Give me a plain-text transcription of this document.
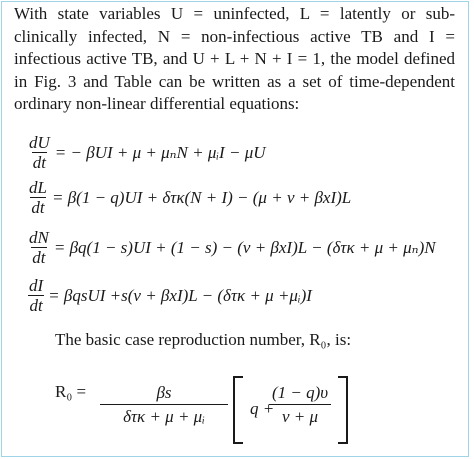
With state variables U = uninfected, L = latently or sub-clinically infected, N = non-infectious active TB and I = infectious active TB, and U + L + N + I = 1, the model defined in Fig. 3 and Table can be written as a set of time-dependent ordinary non-linear differential equations:
$\frac{dU}{dt}$ = − βUI + μ + μₙN + μᵢI − μU
$\frac{dL}{dt} = \beta(1 - q)UI + \delta\tau\kappa(N + I) - (\mu + v + \beta xI)L$
$\frac{dN}{dt} = \beta q(1 - s)UI + (1 - s) - (v + \beta xI)L - (\delta\tau\kappa + \mu + \mu_n)N$
$\frac{dI}{dt}$ = βqsUI +s(v + βxI)L − (δτκ + μ +μᵢ)I
The basic case reproduction number, R₀, is:
R₀ =	βs
δτκ + μ + μᵢ	q +
$\frac{(1 - q)\upsilon}{v + \mu}$
